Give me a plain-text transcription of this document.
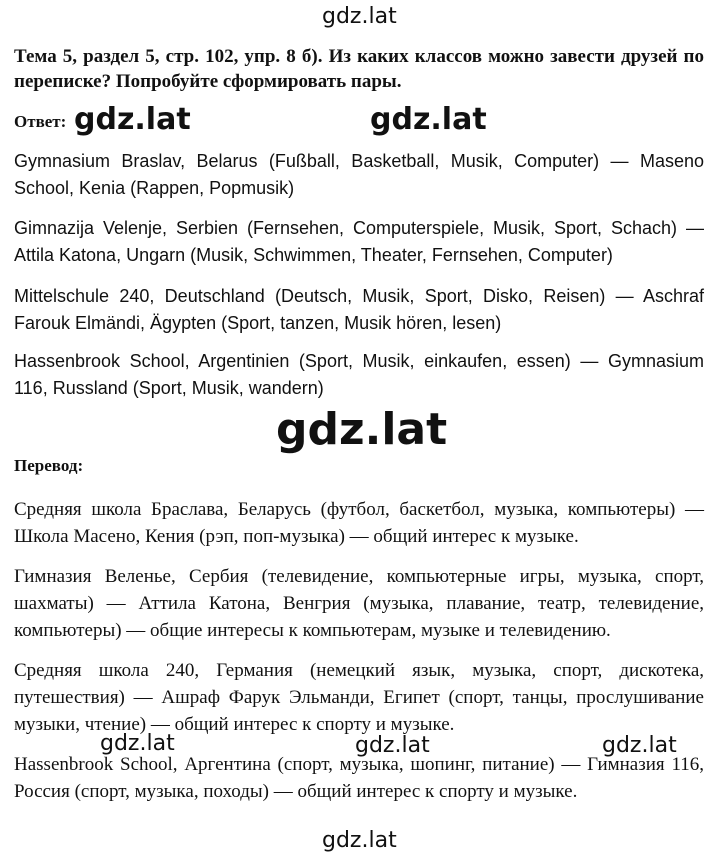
gdz.lat
Тема 5, раздел 5, стр. 102, упр. 8 б). Из каких классов можно завести друзей по переписке? Попробуйте сформировать пары.
Ответ: gdz.lat	gdz.lat
Gymnasium Braslav, Belarus (Fußball, Basketball, Musik, Computer) — Maseno School, Kenia (Rappen, Popmusik)
Gimnazija Velenje, Serbien (Fernsehen, Computerspiele, Musik, Sport, Schach) — Attila Katona, Ungarn (Musik, Schwimmen, Theater, Fernsehen, Computer)
Mittelschule 240, Deutschland (Deutsch, Musik, Sport, Disko, Reisen) — Aschraf Farouk Elmändi, Ägypten (Sport, tanzen, Musik hören, lesen)
Hassenbrook School, Argentinien (Sport, Musik, einkaufen, essen) — Gymnasium 116, Russland (Sport, Musik, wandern)
gdz.lat
Перевод:
Средняя школа Браслава, Беларусь (футбол, баскетбол, музыка, компьютеры) — Школа Масено, Кения (рэп, поп-музыка) — общий интерес к музыке.
Гимназия Веленье, Сербия (телевидение, компьютерные игры, музыка, спорт, шахматы) — Аттила Катона, Венгрия (музыка, плавание, театр, телевидение, компьютеры) — общие интересы к компьютерам, музыке и телевидению.
Средняя школа 240, Германия (немецкий язык, музыка, спорт, дискотека, путешествия) — Ашраф Фарук Эльманди, Египет (спорт, танцы, прослушивание музыки, чтение) — общий интерес к спорту и музыке.
Hassenbrook School, Аргентина (спорт, музыка, шопинг, питание) — Гимназия 116, Россия (спорт, музыка, походы) — общий интерес к спорту и музыке.
gdz.lat	gdz.lat	gdz.lat
gdz.lat
